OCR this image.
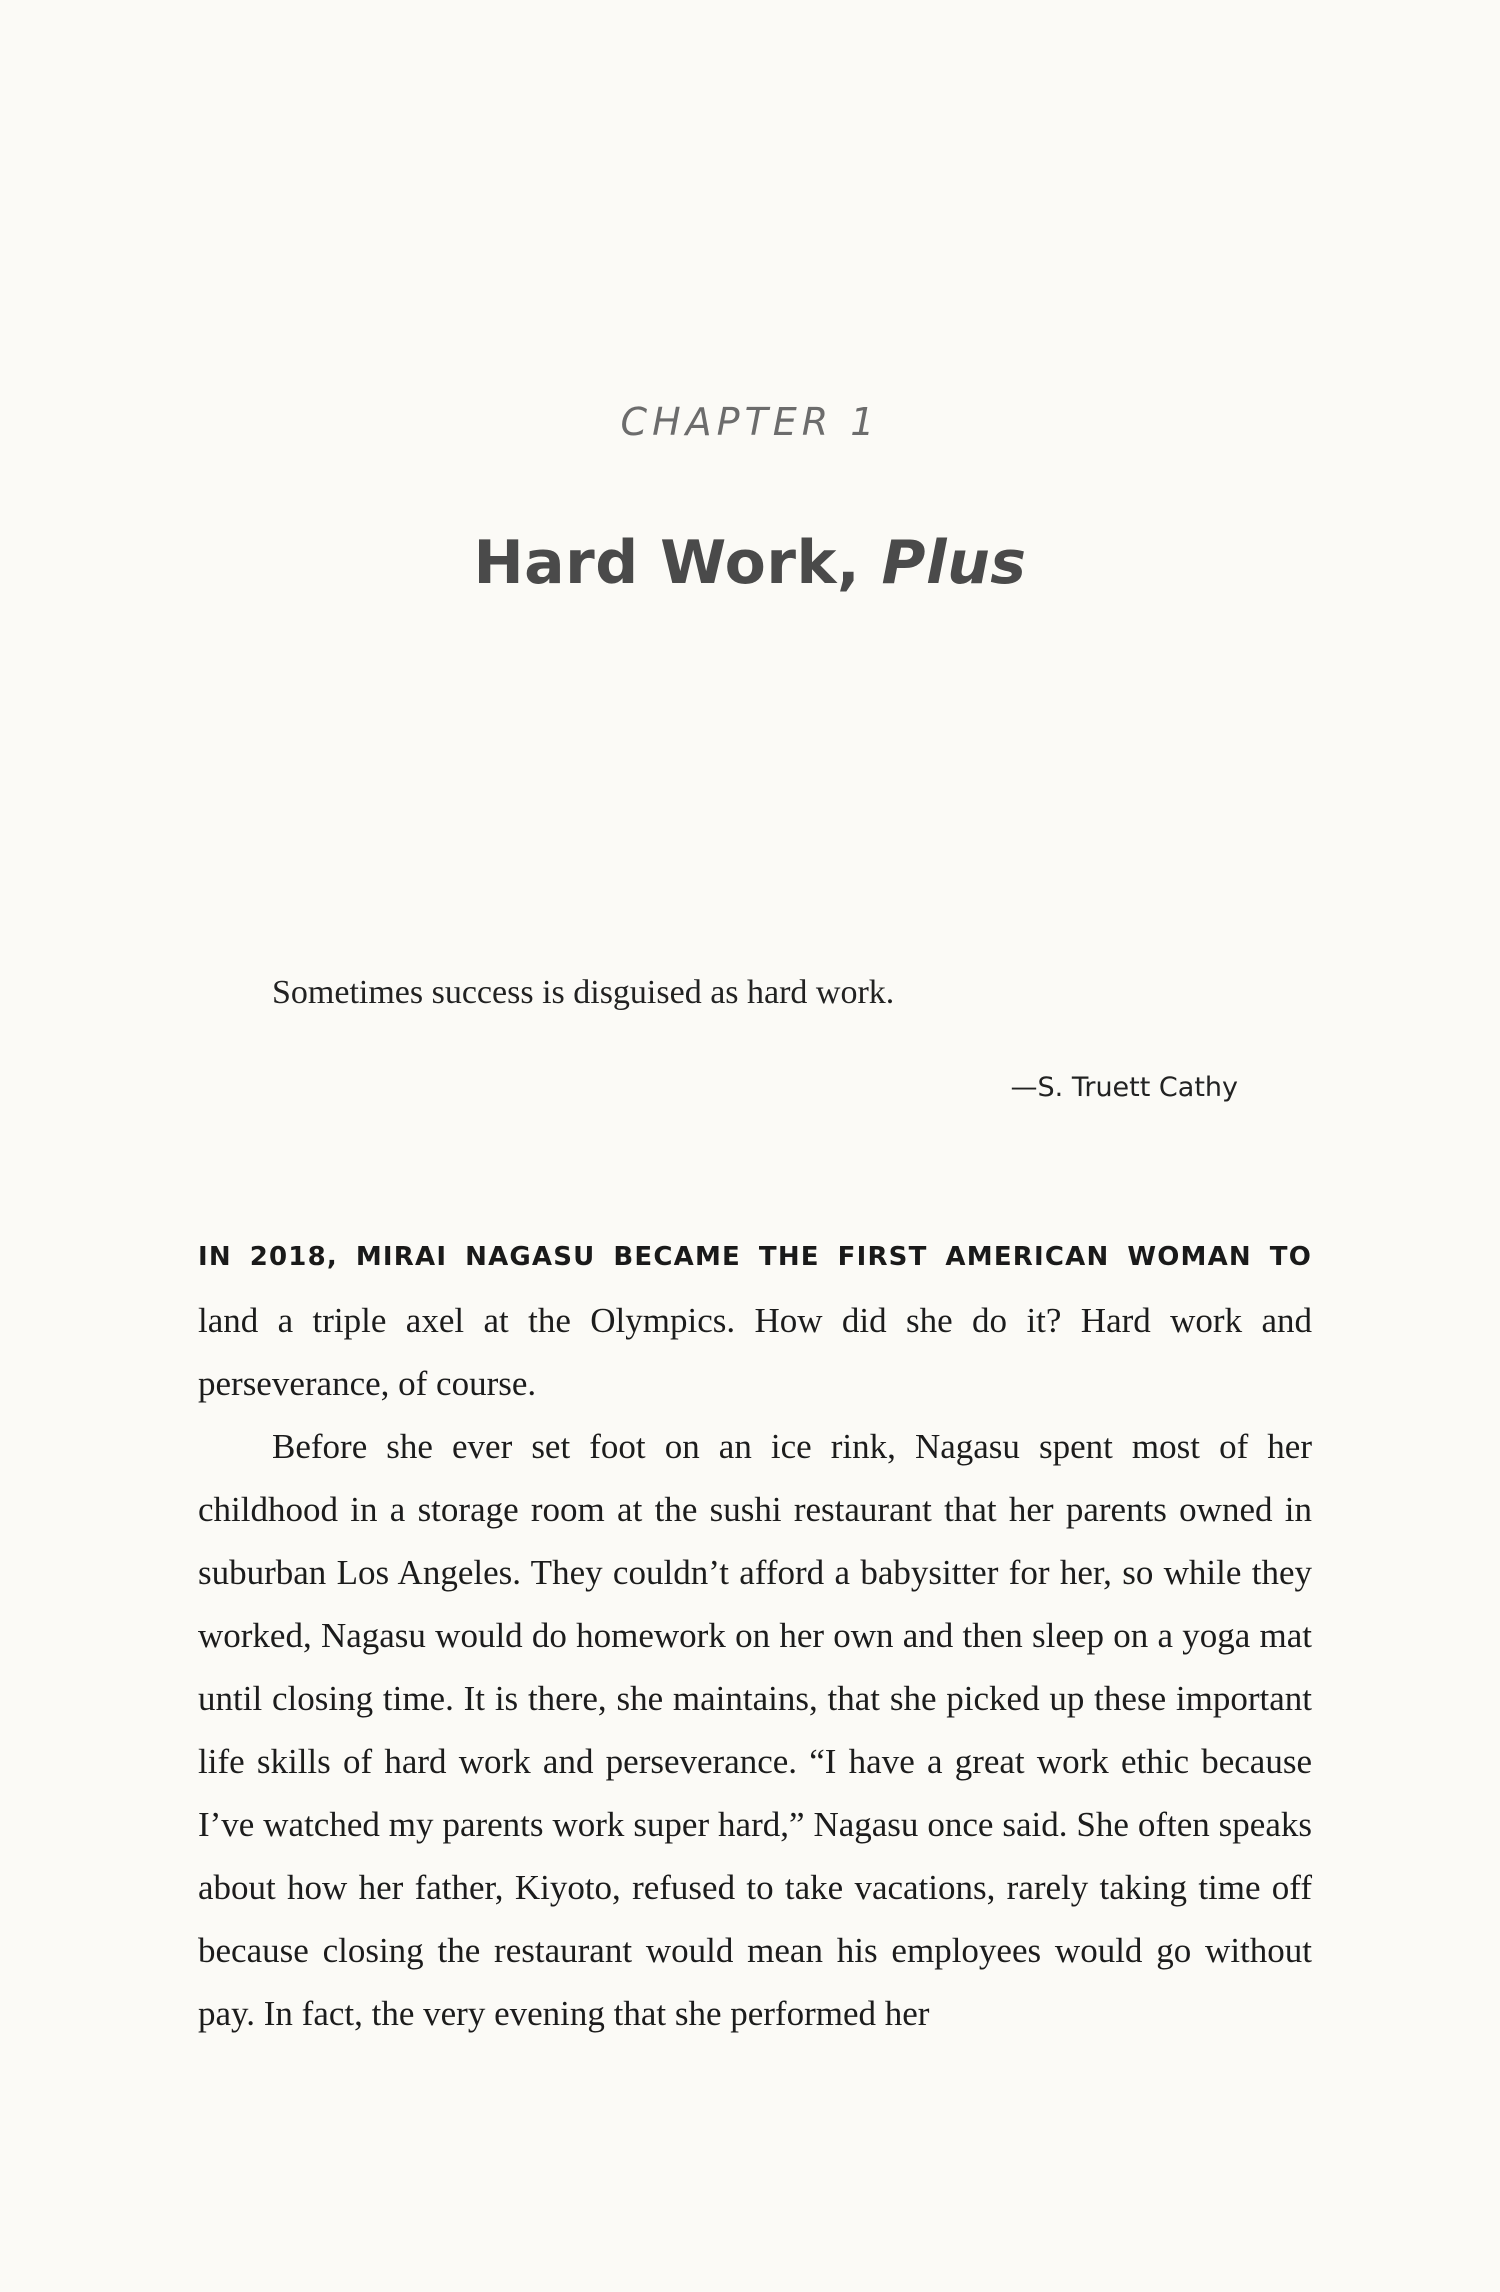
CHAPTER 1
Hard Work, Plus
Sometimes success is disguised as hard work.
—S. Truett Cathy

IN 2018, MIRAI NAGASU BECAME THE FIRST AMERICAN WOMAN TO land a triple axel at the Olympics. How did she do it? Hard work and perseverance, of course.

Before she ever set foot on an ice rink, Nagasu spent most of her childhood in a storage room at the sushi restaurant that her parents owned in suburban Los Angeles. They couldn’t afford a babysitter for her, so while they worked, Nagasu would do homework on her own and then sleep on a yoga mat until closing time. It is there, she maintains, that she picked up these important life skills of hard work and perseverance. “I have a great work ethic because I’ve watched my parents work super hard,” Nagasu once said. She often speaks about how her father, Kiyoto, refused to take vacations, rarely taking time off because closing the restaurant would mean his employees would go without pay. In fact, the very evening that she performed her
